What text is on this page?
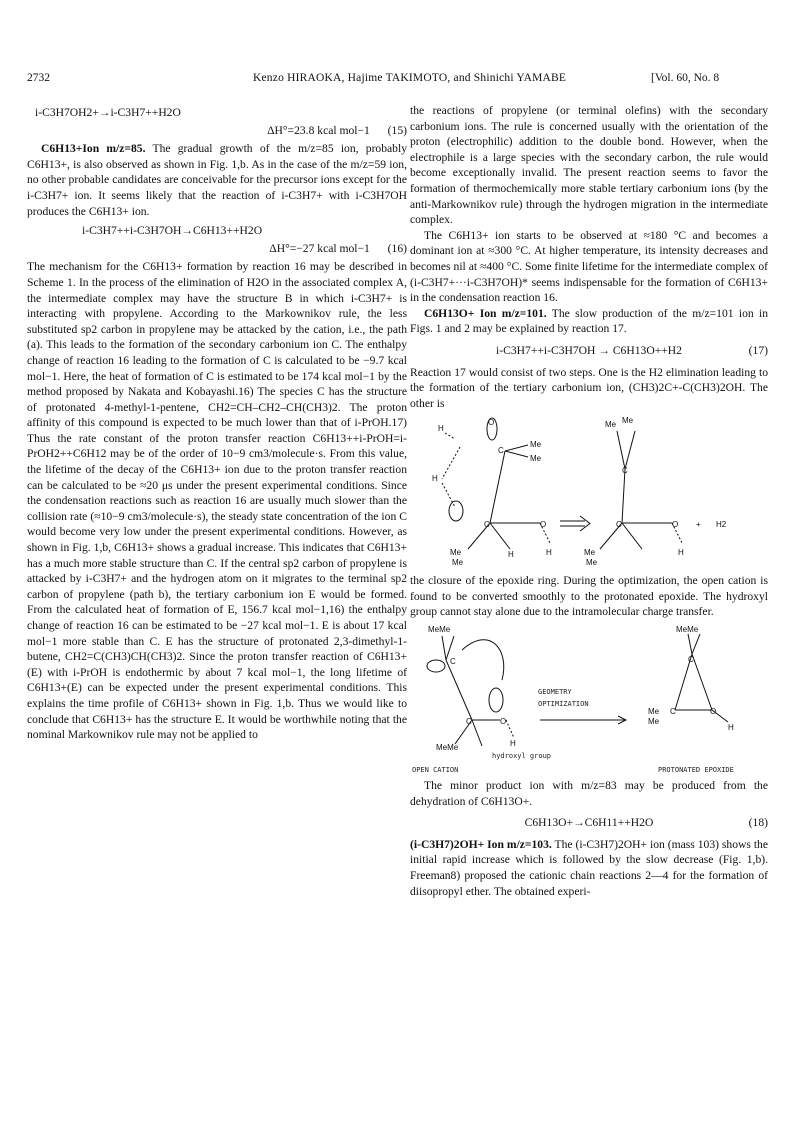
2732	Kenzo HIRAOKA, Hajime TAKIMOTO, and Shinichi YAMABE	[Vol. 60, No. 8
i-C3H7OH2+→i-C3H7++H2O
ΔH°=23.8 kcal mol−1 (15)

C6H13+Ion m/z=85. The gradual growth of the m/z=85 ion, probably C6H13+, is also observed as shown in Fig. 1,b. As in the case of the m/z=59 ion, no other probable candidates are conceivable for the precursor ions except for the i-C3H7+ ion. It seems likely that the reaction of i-C3H7+ with i-C3H7OH produces the C6H13+ ion.

i-C3H7++i-C3H7OH→C6H13++H2O
ΔH°=−27 kcal mol−1 (16)

The mechanism for the C6H13+ formation by reaction 16 may be described in Scheme 1. In the process of the elimination of H2O in the associated complex A, the intermediate complex may have the structure B in which i-C3H7+ is interacting with propylene. According to the Markownikov rule, the less substituted sp2 carbon in propylene may be attacked by the cation, i.e., the path (a). This leads to the formation of the secondary carbonium ion C. The enthalpy change of reaction 16 leading to the formation of C is calculated to be −9.7 kcal mol−1. Here, the heat of formation of C is estimated to be 174 kcal mol−1 by the method proposed by Nakata and Kobayashi.16) The species C has the structure of protonated 4-methyl-1-pentene, CH2=CH–CH2–CH(CH3)2. The proton affinity of this compound is expected to be much lower than that of i-PrOH.17) Thus the rate constant of the proton transfer reaction C6H13++i-PrOH=i-PrOH2++C6H12 may be of the order of 10−9 cm3/molecule·s. From this value, the lifetime of the decay of the C6H13+ ion due to the proton transfer reaction can be calculated to be ≈20 μs under the present experimental conditions. Since the condensation reactions such as reaction 16 are usually much slower than the collision rate (≈10−9 cm3/molecule·s), the steady state concentration of the ion C would become very low under the present experimental conditions. However, as shown in Fig. 1,b, C6H13+ shows a gradual increase. This indicates that C6H13+ has a much more stable structure than C. If the central sp2 carbon of propylene is attacked by i-C3H7+ and the hydrogen atom on it migrates to the terminal sp2 carbon of propylene (path b), the tertiary carbonium ion E would be formed. From the calculated heat of formation of E, 156.7 kcal mol−1,16) the enthalpy change of reaction 16 can be estimated to be −27 kcal mol−1. E is about 17 kcal mol−1 more stable than C. E has the structure of protonated 2,3-dimethyl-1-butene, CH2=C(CH3)CH(CH3)2. Since the proton transfer reaction of C6H13+(E) with i-PrOH is endothermic by about 7 kcal mol−1, the long lifetime of C6H13+(E) can be expected under the present experimental conditions. This explains the time profile of C6H13+ shown in Fig. 1,b. Thus we would like to conclude that C6H13+ has the structure E. It would be worthwhile noting that the nominal Markownikov rule may not be applied to

the reactions of propylene (or terminal olefins) with the secondary carbonium ions. The rule is concerned usually with the orientation of the proton (electrophilic) addition to the double bond. However, when the electrophile is a large species with the secondary carbon, the rule would become exceptionally invalid. The present reaction seems to favor the formation of thermochemically more stable tertiary carbonium ions (by the anti-Markownikov rule) through the hydrogen migration in the intermediate complex.

The C6H13+ ion starts to be observed at ≈180 °C and becomes a dominant ion at ≈300 °C. At higher temperature, its intensity decreases and becomes nil at ≈400 °C. Some finite lifetime for the intermediate complex of (i-C3H7+···i-C3H7OH)* seems indispensable for the formation of C6H13+ in the condensation reaction 16.

C6H13O+ Ion m/z=101. The slow production of the m/z=101 ion in Figs. 1 and 2 may be explained by reaction 17.

i-C3H7++i-C3H7OH → C6H13O++H2	(17)

Reaction 17 would consist of two steps. One is the H2 elimination leading to the formation of the tertiary carbonium ion, (CH3)2C+-C(CH3)2OH. The other is

H
O
C
Me
Me
H
C	O
Me
Me
H	H
Me Me
C
C	O
Me
Me
H
+ H2

the closure of the epoxide ring. During the optimization, the open cation is found to be converted smoothly to the protonated epoxide. The hydroxyl group cannot stay alone due to the intramolecular charge transfer.

MeMe
C
C	O
MeMe	H
MeMe
C
C	O
Me
Me
H
GEOMETRY
OPTIMIZATION
hydroxyl group
OPEN CATION	PROTONATED EPOXIDE

The minor product ion with m/z=83 may be produced from the dehydration of C6H13O+.

C6H13O+→C6H11++H2O	(18)

(i-C3H7)2OH+ Ion m/z=103. The (i-C3H7)2OH+ ion (mass 103) shows the initial rapid increase which is followed by the slow decrease (Fig. 1,b). Freeman8) proposed the cationic chain reactions 2—4 for the formation of diisopropyl ether. The obtained experi-
